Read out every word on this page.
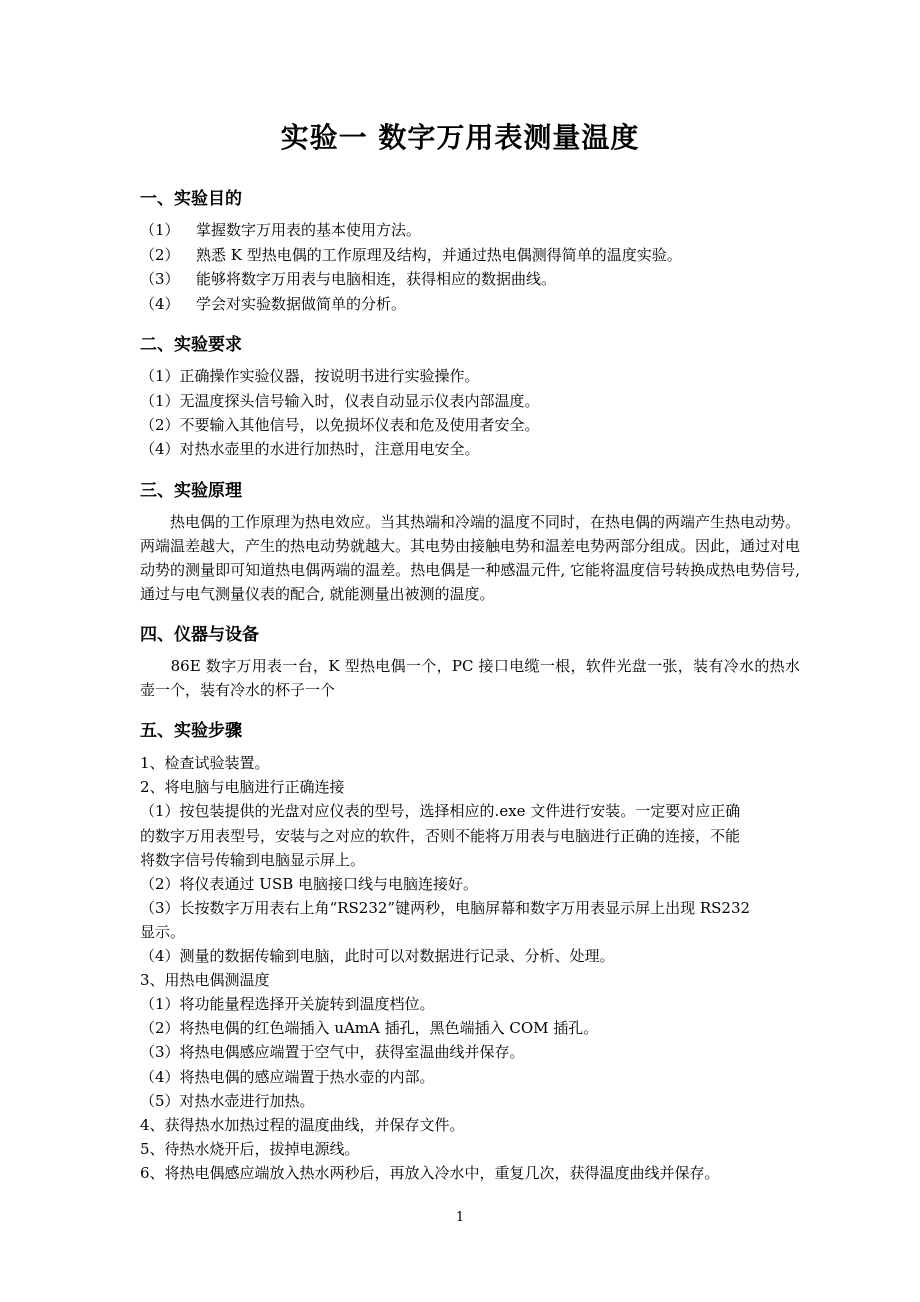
实验一 数字万用表测量温度
一、实验目的
（1） 掌握数字万用表的基本使用方法。
（2） 熟悉 K 型热电偶的工作原理及结构，并通过热电偶测得简单的温度实验。
（3） 能够将数字万用表与电脑相连，获得相应的数据曲线。
（4） 学会对实验数据做简单的分析。
二、实验要求
（1）正确操作实验仪器，按说明书进行实验操作。
（1）无温度探头信号输入时，仪表自动显示仪表内部温度。
（2）不要输入其他信号，以免损坏仪表和危及使用者安全。
（4）对热水壶里的水进行加热时，注意用电安全。
三、实验原理
　　热电偶的工作原理为热电效应。当其热端和冷端的温度不同时，在热电偶的两端产生热电动势。两端温差越大，产生的热电动势就越大。其电势由接触电势和温差电势两部分组成。因此，通过对电动势的测量即可知道热电偶两端的温差。热电偶是一种感温元件, 它能将温度信号转换成热电势信号, 通过与电气测量仪表的配合, 就能测量出被测的温度。
四、仪器与设备
　　86E 数字万用表一台，K 型热电偶一个，PC 接口电缆一根，软件光盘一张，装有冷水的热水壶一个，装有冷水的杯子一个
五、实验步骤
1、检查试验装置。
2、将电脑与电脑进行正确连接
（1）按包装提供的光盘对应仪表的型号，选择相应的.exe 文件进行安装。一定要对应正确
的数字万用表型号，安装与之对应的软件，否则不能将万用表与电脑进行正确的连接，不能
将数字信号传输到电脑显示屏上。
（2）将仪表通过 USB 电脑接口线与电脑连接好。
（3）长按数字万用表右上角“RS232”键两秒，电脑屏幕和数字万用表显示屏上出现 RS232
显示。
（4）测量的数据传输到电脑，此时可以对数据进行记录、分析、处理。
3、用热电偶测温度
（1）将功能量程选择开关旋转到温度档位。
（2）将热电偶的红色端插入 uAmA 插孔，黑色端插入 COM 插孔。
（3）将热电偶感应端置于空气中，获得室温曲线并保存。
（4）将热电偶的感应端置于热水壶的内部。
（5）对热水壶进行加热。
4、获得热水加热过程的温度曲线，并保存文件。
5、待热水烧开后，拔掉电源线。
6、将热电偶感应端放入热水两秒后，再放入冷水中，重复几次，获得温度曲线并保存。
1
